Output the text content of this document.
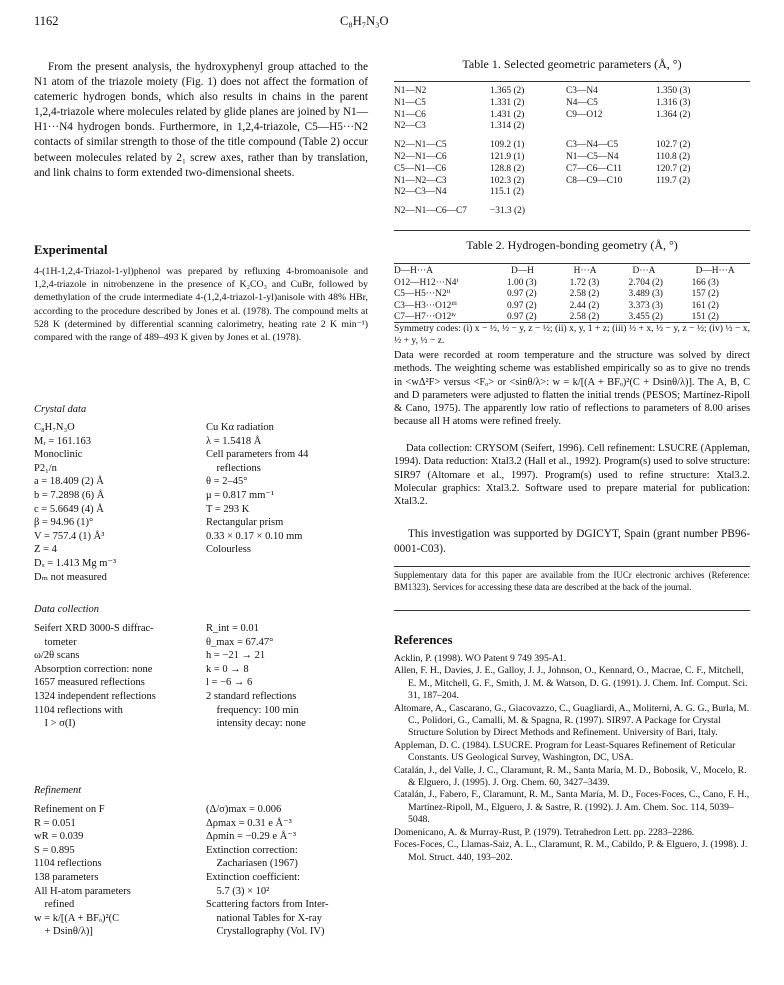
1162	C₈H₇N₃O

From the present analysis, the hydroxyphenyl group attached to the N1 atom of the triazole moiety (Fig. 1) does not affect the formation of catemeric hydrogen bonds, which also results in chains in the parent 1,2,4-triazole where molecules related by glide planes are joined by N1—H1···N4 hydrogen bonds. Furthermore, in 1,2,4-triazole, C5—H5···N2 contacts of similar strength to those of the title compound (Table 2) occur between molecules related by 2₁ screw axes, rather than by translation, and link chains to form extended two-dimensional sheets.

Experimental

4-(1H-1,2,4-Triazol-1-yl)phenol was prepared by refluxing 4-bromoanisole and 1,2,4-triazole in nitrobenzene in the presence of K₂CO₃ and CuBr, followed by demethylation of the crude intermediate 4-(1,2,4-triazol-1-yl)anisole with 48% HBr, according to the procedure described by Jones et al. (1978). The compound melts at 528 K (determined by differential scanning calorimetry, heating rate 2 K min⁻¹) compared with the range of 489–493 K given by Jones et al. (1978).

Crystal data
C₈H₇N₃O
Mᵣ = 161.163
Monoclinic
P2₁/n
a = 18.409 (2) Å
b = 7.2898 (6) Å
c = 5.6649 (4) Å
β = 94.96 (1)°
V = 757.4 (1) Å³
Z = 4
Dₓ = 1.413 Mg m⁻³
Dₘ not measured
Cu Kα radiation
λ = 1.5418 Å
Cell parameters from 44
reflections
θ = 2–45°
μ = 0.817 mm⁻¹
T = 293 K
Rectangular prism
0.33 × 0.17 × 0.10 mm
Colourless
Data collection
Seifert XRD 3000-S diffrac-
tometer
ω/2θ scans
Absorption correction: none
1657 measured reflections
1324 independent reflections
1104 reflections with
I > σ(I)
R_int = 0.01
θ_max = 67.47°
h = −21 → 21
k = 0 → 8
l = −6 → 6
2 standard reflections
frequency: 100 min
intensity decay: none
Refinement
Refinement on F
R = 0.051
wR = 0.039
S = 0.895
1104 reflections
138 parameters
All H-atom parameters
refined
w = k/[(A + BFₒ)²(C
+ Dsinθ/λ)]
(Δ/σ)max = 0.006
Δρmax = 0.31 e Å⁻³
Δρmin = −0.29 e Å⁻³
Extinction correction:
Zachariasen (1967)
Extinction coefficient:
5.7 (3) × 10²
Scattering factors from Inter-
national Tables for X-ray
Crystallography (Vol. IV)
Table 1. Selected geometric parameters (Å, °)
N1—N2	1.365 (2)	C3—N4	1.350 (3)
N1—C5	1.331 (2)	N4—C5	1.316 (3)
N1—C6	1.431 (2)	C9—O12	1.364 (2)
N2—C3	1.314 (2)		
N2—N1—C5	109.2 (1)	C3—N4—C5	102.7 (2)
N2—N1—C6	121.9 (1)	N1—C5—N4	110.8 (2)
C5—N1—C6	128.8 (2)	C7—C6—C11	120.7 (2)
N1—N2—C3	102.3 (2)	C8—C9—C10	119.7 (2)
N2—C3—N4	115.1 (2)		
N2—N1—C6—C7	−31.3 (2)		
Table 2. Hydrogen-bonding geometry (Å, °)
D—H···A	D—H	H···A	D···A	D—H···A
O12—H12···N4ⁱ	1.00 (3)	1.72 (3)	2.704 (2)	166 (3)
C5—H5···N2ⁱⁱ	0.97 (2)	2.58 (2)	3.489 (3)	157 (2)
C3—H3···O12ⁱⁱⁱ	0.97 (2)	2.44 (2)	3.373 (3)	161 (2)
C7—H7···O12ⁱᵛ	0.97 (2)	2.58 (2)	3.455 (2)	151 (2)

Symmetry codes: (i) x − ½, ½ − y, z − ½; (ii) x, y, 1 + z; (iii) ½ + x, ½ − y, z − ½; (iv) ½ − x, ½ + y, ½ − z.

Data were recorded at room temperature and the structure was solved by direct methods. The weighting scheme was established empirically so as to give no trends in <wΔ²F> versus <Fₒ> or <sinθ/λ>: w = k/[(A + BFₒ)²(C + Dsinθ/λ)]. The A, B, C and D parameters were adjusted to flatten the initial trends (PESOS; Martínez-Ripoll & Cano, 1975). The apparently low ratio of reflections to parameters of 8.00 arises because all H atoms were refined freely.

Data collection: CRYSOM (Seifert, 1996). Cell refinement: LSUCRE (Appleman, 1994). Data reduction: Xtal3.2 (Hall et al., 1992). Program(s) used to solve structure: SIR97 (Altomare et al., 1997). Program(s) used to refine structure: Xtal3.2. Molecular graphics: Xtal3.2. Software used to prepare material for publication: Xtal3.2.

This investigation was supported by DGICYT, Spain (grant number PB96-0001-C03).

Supplementary data for this paper are available from the IUCr electronic archives (Reference: BM1323). Services for accessing these data are described at the back of the journal.

References

Acklin, P. (1998). WO Patent 9 749 395-A1.

Allen, F. H., Davies, J. E., Galloy, J. J., Johnson, O., Kennard, O., Macrae, C. F., Mitchell, E. M., Mitchell, G. F., Smith, J. M. & Watson, D. G. (1991). J. Chem. Inf. Comput. Sci. 31, 187–204.

Altomare, A., Cascarano, G., Giacovazzo, C., Guagliardi, A., Moliterni, A. G. G., Burla, M. C., Polidori, G., Camalli, M. & Spagna, R. (1997). SIR97. A Package for Crystal Structure Solution by Direct Methods and Refinement. University of Bari, Italy.

Appleman, D. C. (1984). LSUCRE. Program for Least-Squares Refinement of Reticular Constants. US Geological Survey, Washington, DC, USA.

Catalán, J., del Valle, J. C., Claramunt, R. M., Santa María, M. D., Bobosik, V., Mocelo, R. & Elguero, J. (1995). J. Org. Chem. 60, 3427–3439.

Catalán, J., Fabero, F., Claramunt, R. M., Santa María, M. D., Foces-Foces, C., Cano, F. H., Martínez-Ripoll, M., Elguero, J. & Sastre, R. (1992). J. Am. Chem. Soc. 114, 5039–5048.

Domenicano, A. & Murray-Rust, P. (1979). Tetrahedron Lett. pp. 2283–2286.

Foces-Foces, C., Llamas-Saiz, A. L., Claramunt, R. M., Cabildo, P. & Elguero, J. (1998). J. Mol. Struct. 440, 193–202.
